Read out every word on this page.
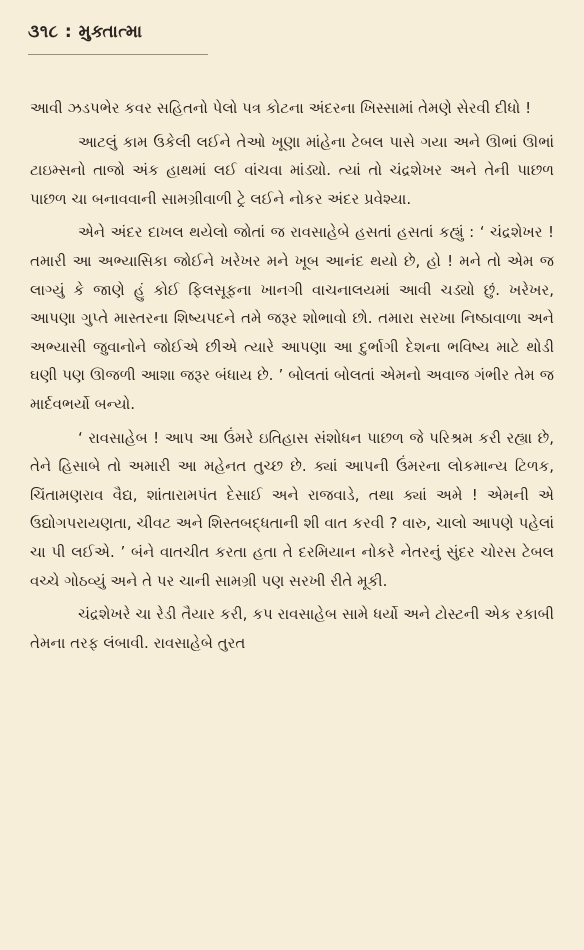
૩૧૮ : મુક્તાત્મા

આવી ઝડપભેર કવર સહિતનો પેલો પત્ર કોટના અંદરના ખિસ્સામાં તેમણે સેરવી દીધો !

આટલું કામ ઉકેલી લઈને તેઓ ખૂણા માંહેના ટેબલ પાસે ગયા અને ઊભાં ઊભાં ટાઇમ્સનો તાજો અંક હાથમાં લઈ વાંચવા માંડ્યો. ત્યાં તો ચંદ્રશેખર અને તેની પાછળ પાછળ ચા બનાવવાની સામગ્રીવાળી ટ્રે લઈને નોકર અંદર પ્રવેશ્યા.

એને અંદર દાખલ થયેલો જોતાં જ રાવસાહેબે હસતાં હસતાં કહ્યું : ‘ ચંદ્રશેખર ! તમારી આ અભ્યાસિકા જોઈને ખરેખર મને ખૂબ આનંદ થયો છે, હો ! મને તો એમ જ લાગ્યું કે જાણે હું કોઈ ફિલસૂફના ખાનગી વાચનાલયમાં આવી ચડ્યો છું. ખરેખર, આપણા ગુપ્તે માસ્તરના શિષ્યપદને તમે જરૂર શોભાવો છો. તમારા સરખા નિષ્ઠાવાળા અને અભ્યાસી જુવાનોને જોઈએ છીએ ત્યારે આપણા આ દુર્ભાગી દેશના ભવિષ્ય માટે થોડી ઘણી પણ ઊજળી આશા જરૂર બંધાય છે. ’ બોલતાં બોલતાં એમનો અવાજ ગંભીર તેમ જ માર્દવભર્યો બન્યો.

‘ રાવસાહેબ ! આપ આ ઉંમરે ઇતિહાસ સંશોધન પાછળ જે પરિશ્રમ કરી રહ્યા છે, તેને હિસાબે તો અમારી આ મહેનત તુચ્છ છે. ક્યાં આપની ઉંમરના લોકમાન્ય ટિળક, ચિંતામણરાવ વૈદ્ય, શાંતારામપંત દેસાઈ અને રાજવાડે, તથા ક્યાં અમે ! એમની એ ઉદ્યોગપરાયણતા, ચીવટ અને શિસ્તબદ્ધતાની શી વાત કરવી ? વારુ, ચાલો આપણે પહેલાં ચા પી લઈએ. ’ બંને વાતચીત કરતા હતા તે દરમિયાન નોકરે નેતરનું સુંદર ચોરસ ટેબલ વચ્ચે ગોઠવ્યું અને તે પર ચાની સામગ્રી પણ સરખી રીતે મૂકી.

ચંદ્રશેખરે ચા રેડી તૈયાર કરી, કપ રાવસાહેબ સામે ધર્યો અને ટોસ્ટની એક રકાબી તેમના તરફ લંબાવી. રાવસાહેબે તુરત
